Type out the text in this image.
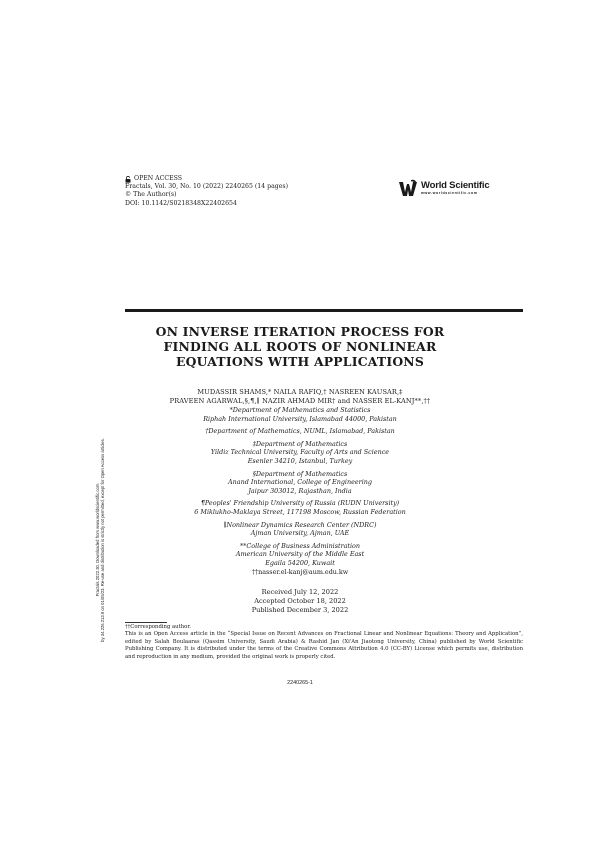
OPEN ACCESS
Fractals, Vol. 30, No. 10 (2022) 2240265 (14 pages)
© The Author(s)
DOI: 10.1142/S0218348X22402654
World Scientific
www.worldscientific.com
Fractals 2022.30. Downloaded from www.worldscientific.com by 34.226.213.9 on 01/05/23. Re-use and distribution is strictly not permitted, except for Open Access articles.
ON INVERSE ITERATION PROCESS FOR FINDING ALL ROOTS OF NONLINEAR EQUATIONS WITH APPLICATIONS
MUDASSIR SHAMS,* NAILA RAFIQ,† NASREEN KAUSAR,‡
PRAVEEN AGARWAL,§,¶,∥ NAZIR AHMAD MIR† and NASSER EL-KANJ**,††
*Department of Mathematics and Statistics
Riphah International University, Islamabad 44000, Pakistan
†Department of Mathematics, NUML, Islamabad, Pakistan
‡Department of Mathematics
Yildiz Technical University, Faculty of Arts and Science
Esenler 34210, Istanbul, Turkey
§Department of Mathematics
Anand International, College of Engineering
Jaipur 303012, Rajasthan, India
¶Peoples' Friendship University of Russia (RUDN University)
6 Miklukho-Maklaya Street, 117198 Moscow, Russian Federation
∥Nonlinear Dynamics Research Center (NDRC)
Ajman University, Ajman, UAE
**College of Business Administration
American University of the Middle East
Egaila 54200, Kuwait
††nasser.el-kanj@aum.edu.kw
Received July 12, 2022
Accepted October 18, 2022
Published December 3, 2022
††Corresponding author.
This is an Open Access article in the “Special Issue on Recent Advances on Fractional Linear and Nonlinear Equations: Theory and Application”, edited by Salah Boulaaras (Qassim University, Saudi Arabia) & Rashid Jan (Xi'An Jiaotong University, China) published by World Scientific Publishing Company. It is distributed under the terms of the Creative Commons Attribution 4.0 (CC-BY) License which permits use, distribution and reproduction in any medium, provided the original work is properly cited.
2240265-1
